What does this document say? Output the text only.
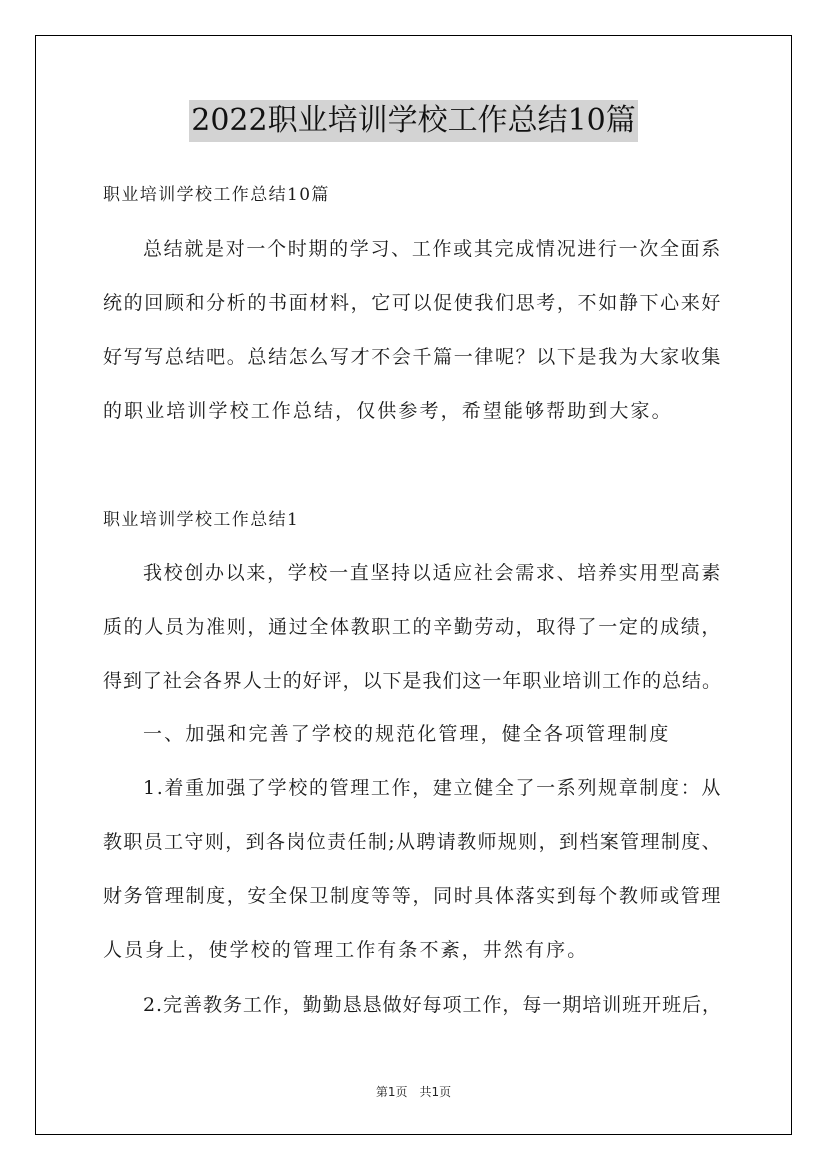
2022职业培训学校工作总结10篇
职业培训学校工作总结10篇
总结就是对一个时期的学习、工作或其完成情况进行一次全面系
统的回顾和分析的书面材料，它可以促使我们思考，不如静下心来好
好写写总结吧。总结怎么写才不会千篇一律呢？以下是我为大家收集
的职业培训学校工作总结，仅供参考，希望能够帮助到大家。
职业培训学校工作总结1
我校创办以来，学校一直坚持以适应社会需求、培养实用型高素
质的人员为准则，通过全体教职工的辛勤劳动，取得了一定的成绩，
得到了社会各界人士的好评，以下是我们这一年职业培训工作的总结。
一、加强和完善了学校的规范化管理，健全各项管理制度
1.着重加强了学校的管理工作，建立健全了一系列规章制度：从
教职员工守则，到各岗位责任制;从聘请教师规则，到档案管理制度、
财务管理制度，安全保卫制度等等，同时具体落实到每个教师或管理
人员身上，使学校的管理工作有条不紊，井然有序。
2.完善教务工作，勤勤恳恳做好每项工作，每一期培训班开班后，
第1页　共1页
